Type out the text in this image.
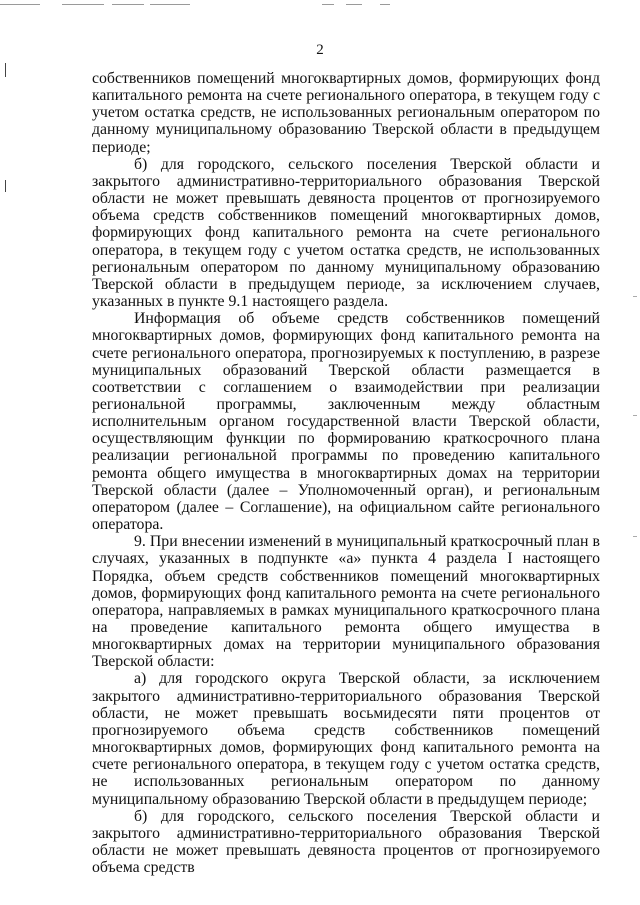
2

собственников помещений многоквартирных домов, формирующих фонд капитального ремонта на счете регионального оператора, в текущем году с учетом остатка средств, не использованных региональным оператором по данному муниципальному образованию Тверской области в предыдущем периоде;

б) для городского, сельского поселения Тверской области и закрытого административно-территориального образования Тверской области не может превышать девяноста процентов от прогнозируемого объема средств собственников помещений многоквартирных домов, формирующих фонд капитального ремонта на счете регионального оператора, в текущем году с учетом остатка средств, не использованных региональным оператором по данному муниципальному образованию Тверской области в предыдущем периоде, за исключением случаев, указанных в пункте 9.1 настоящего раздела.

Информация об объеме средств собственников помещений многоквартирных домов, формирующих фонд капитального ремонта на счете регионального оператора, прогнозируемых к поступлению, в разрезе муниципальных образований Тверской области размещается в соответствии с соглашением о взаимодействии при реализации региональной программы, заключенным между областным исполнительным органом государственной власти Тверской области, осуществляющим функции по формированию краткосрочного плана реализации региональной программы по проведению капитального ремонта общего имущества в многоквартирных домах на территории Тверской области (далее – Уполномоченный орган), и региональным оператором (далее – Соглашение), на официальном сайте регионального оператора.

9. При внесении изменений в муниципальный краткосрочный план в случаях, указанных в подпункте «а» пункта 4 раздела I настоящего Порядка, объем средств собственников помещений многоквартирных домов, формирующих фонд капитального ремонта на счете регионального оператора, направляемых в рамках муниципального краткосрочного плана на проведение капитального ремонта общего имущества в многоквартирных домах на территории муниципального образования Тверской области:

а) для городского округа Тверской области, за исключением закрытого административно-территориального образования Тверской области, не может превышать восьмидесяти пяти процентов от прогнозируемого объема средств собственников помещений многоквартирных домов, формирующих фонд капитального ремонта на счете регионального оператора, в текущем году с учетом остатка средств, не использованных региональным оператором по данному муниципальному образованию Тверской области в предыдущем периоде;

б) для городского, сельского поселения Тверской области и закрытого административно-территориального образования Тверской области не может превышать девяноста процентов от прогнозируемого объема средств
